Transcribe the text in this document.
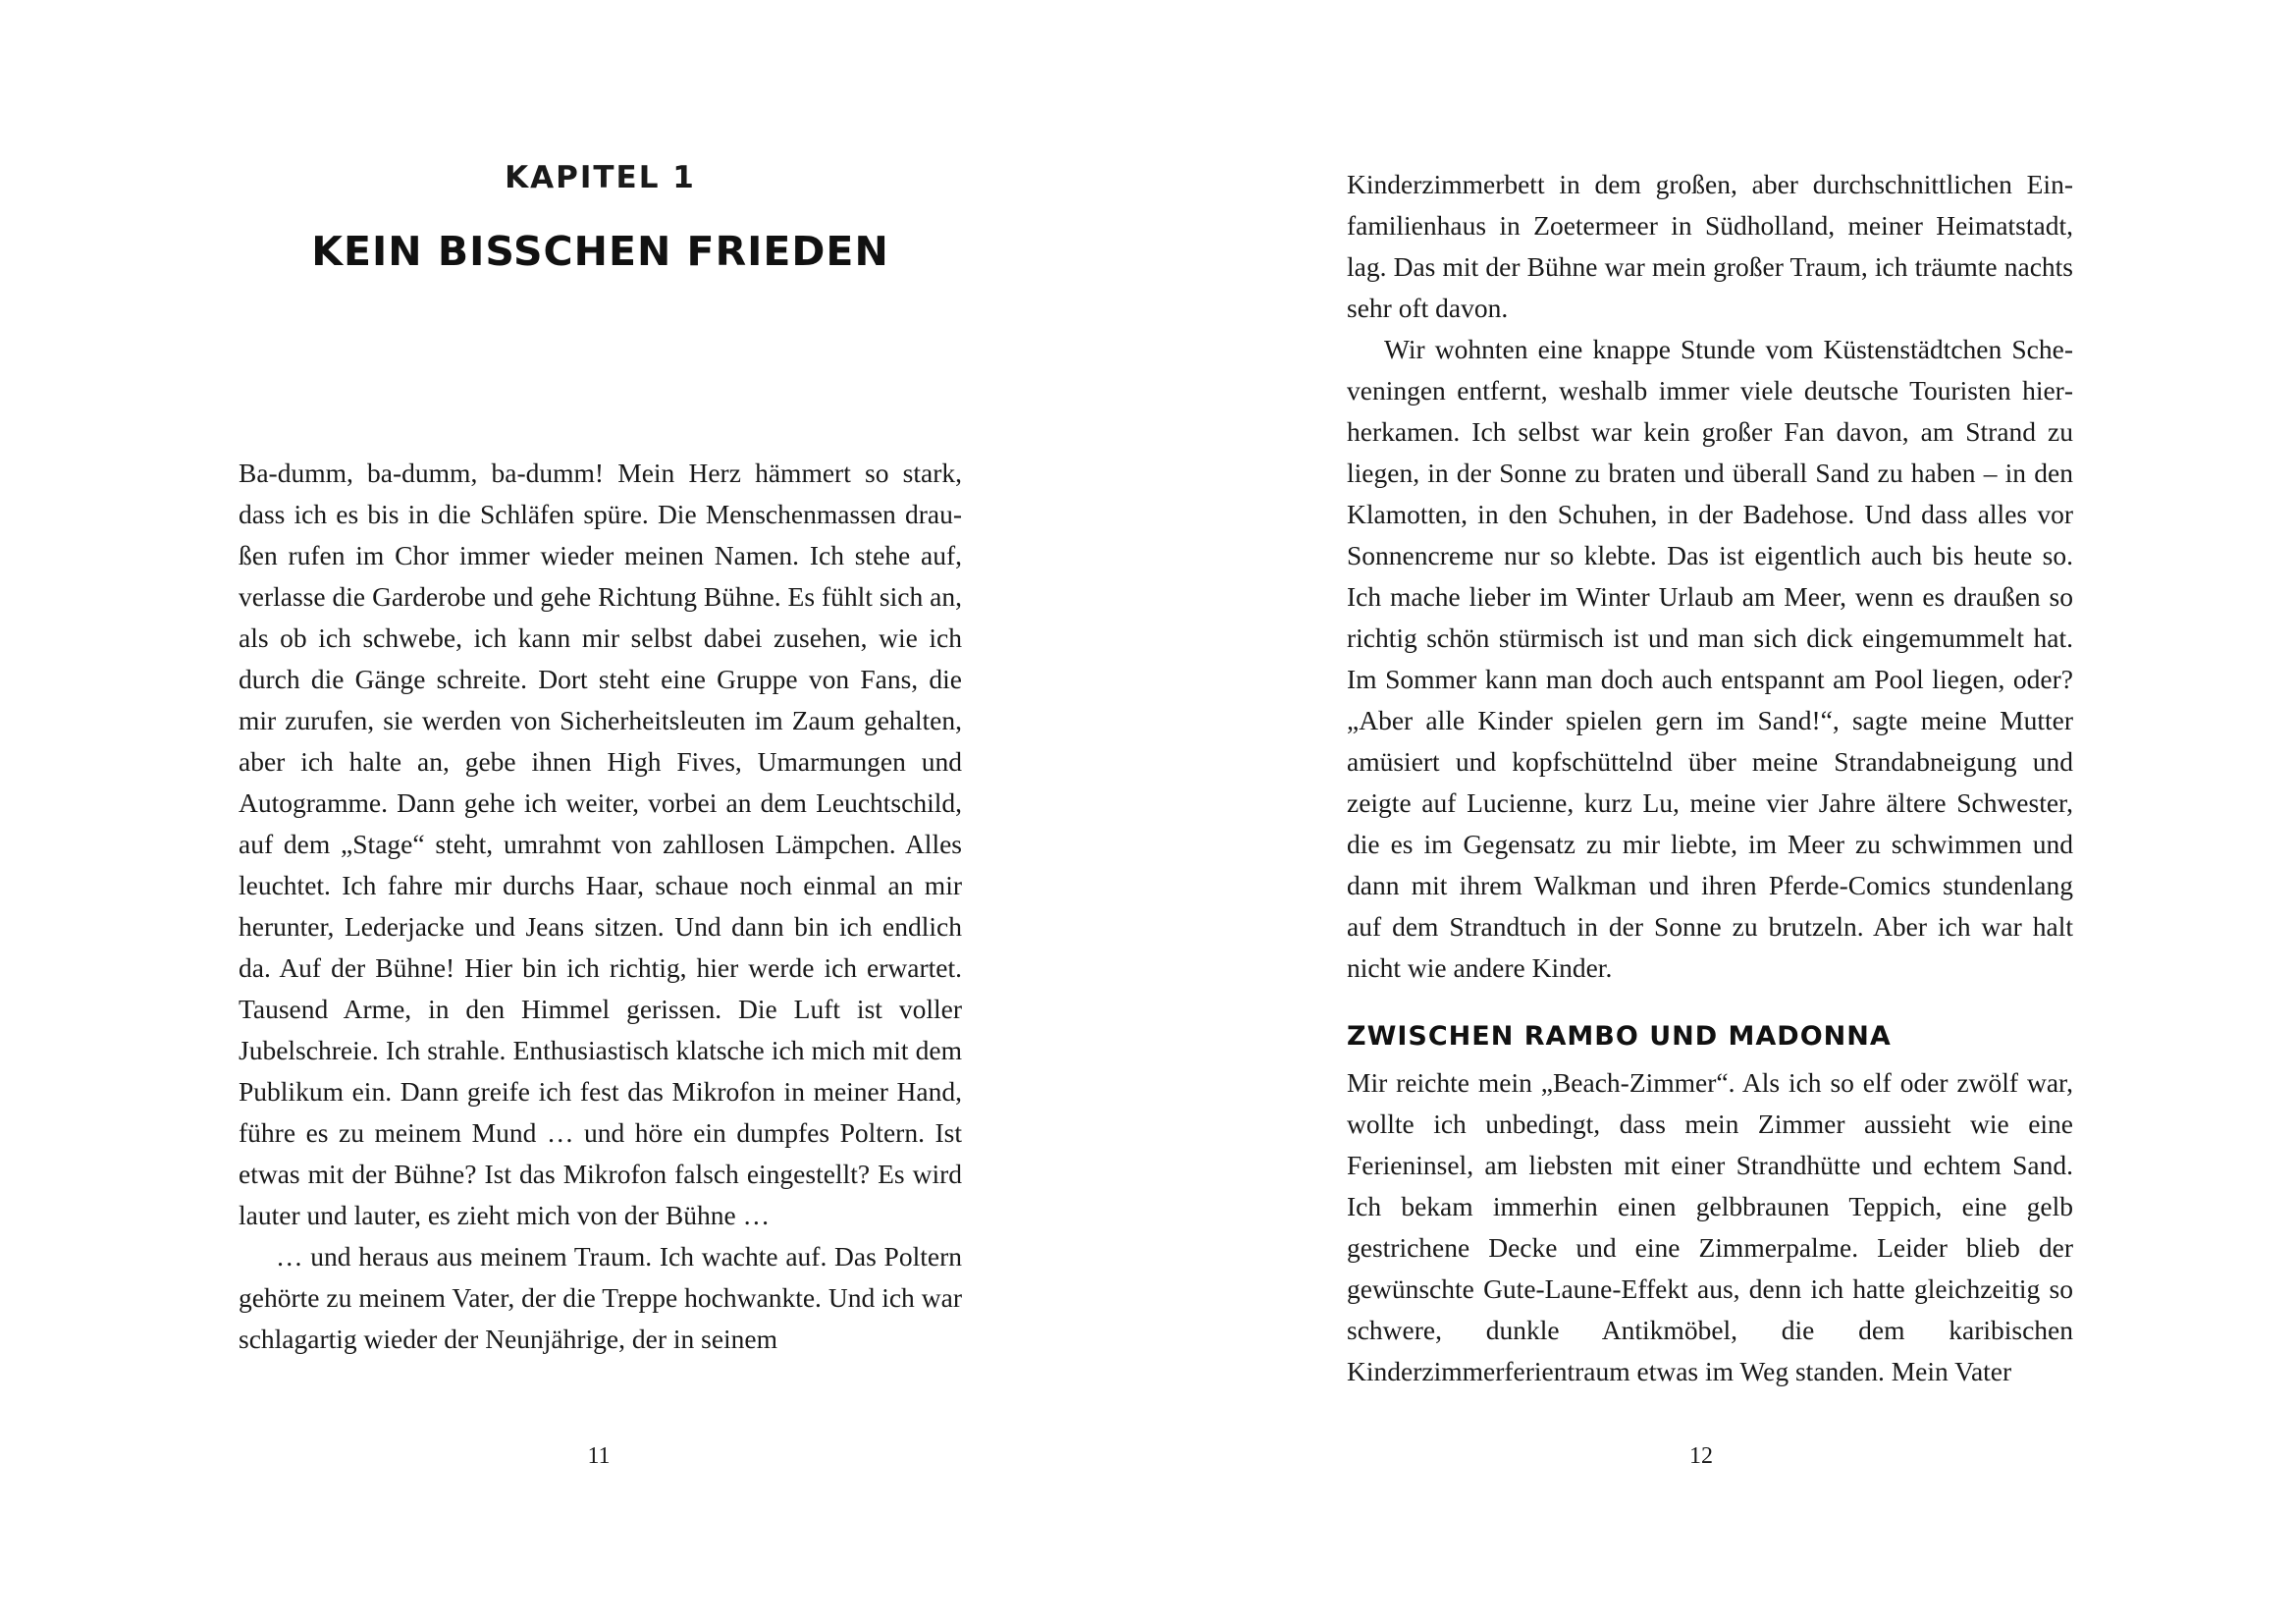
KAPITEL 1
KEIN BISSCHEN FRIEDEN

Ba-dumm, ba-dumm, ba-dumm! Mein Herz hämmert so stark, dass ich es bis in die Schläfen spüre. Die Menschenmassen draußen rufen im Chor immer wieder meinen Namen. Ich stehe auf, verlasse die Garderobe und gehe Richtung Bühne. Es fühlt sich an, als ob ich schwebe, ich kann mir selbst dabei zusehen, wie ich durch die Gänge schreite. Dort steht eine Gruppe von Fans, die mir zurufen, sie werden von Sicherheitsleuten im Zaum gehalten, aber ich halte an, gebe ihnen High Fives, Umarmungen und Autogramme. Dann gehe ich weiter, vorbei an dem Leuchtschild, auf dem „Stage“ steht, umrahmt von zahllosen Lämpchen. Alles leuchtet. Ich fahre mir durchs Haar, schaue noch einmal an mir herunter, Lederjacke und Jeans sitzen. Und dann bin ich endlich da. Auf der Bühne! Hier bin ich richtig, hier werde ich erwartet. Tausend Arme, in den Himmel gerissen. Die Luft ist voller Jubelschreie. Ich strahle. Enthusiastisch klatsche ich mich mit dem Publikum ein. Dann greife ich fest das Mikrofon in meiner Hand, führe es zu meinem Mund … und höre ein dumpfes Poltern. Ist etwas mit der Bühne? Ist das Mikrofon falsch eingestellt? Es wird lauter und lauter, es zieht mich von der Bühne …

… und heraus aus meinem Traum. Ich wachte auf. Das Poltern gehörte zu meinem Vater, der die Treppe hochwankte. Und ich war schlagartig wieder der Neunjährige, der in seinem

11

Kinderzimmerbett in dem großen, aber durchschnittlichen Einfamilienhaus in Zoetermeer in Südholland, meiner Heimatstadt, lag. Das mit der Bühne war mein großer Traum, ich träumte nachts sehr oft davon.

Wir wohnten eine knappe Stunde vom Küstenstädtchen Scheveningen entfernt, weshalb immer viele deutsche Touristen hierherkamen. Ich selbst war kein großer Fan davon, am Strand zu liegen, in der Sonne zu braten und überall Sand zu haben – in den Klamotten, in den Schuhen, in der Badehose. Und dass alles vor Sonnencreme nur so klebte. Das ist eigentlich auch bis heute so. Ich mache lieber im Winter Urlaub am Meer, wenn es draußen so richtig schön stürmisch ist und man sich dick eingemummelt hat. Im Sommer kann man doch auch entspannt am Pool liegen, oder? „Aber alle Kinder spielen gern im Sand!“, sagte meine Mutter amüsiert und kopfschüttelnd über meine Strandabneigung und zeigte auf Lucienne, kurz Lu, meine vier Jahre ältere Schwester, die es im Gegensatz zu mir liebte, im Meer zu schwimmen und dann mit ihrem Walkman und ihren Pferde-Comics stundenlang auf dem Strandtuch in der Sonne zu brutzeln. Aber ich war halt nicht wie andere Kinder.

ZWISCHEN RAMBO UND MADONNA

Mir reichte mein „Beach-Zimmer“. Als ich so elf oder zwölf war, wollte ich unbedingt, dass mein Zimmer aussieht wie eine Ferieninsel, am liebsten mit einer Strandhütte und echtem Sand. Ich bekam immerhin einen gelbbraunen Teppich, eine gelb gestrichene Decke und eine Zimmerpalme. Leider blieb der gewünschte Gute-Laune-Effekt aus, denn ich hatte gleichzeitig so schwere, dunkle Antikmöbel, die dem karibischen Kinderzimmerferientraum etwas im Weg standen. Mein Vater

12
